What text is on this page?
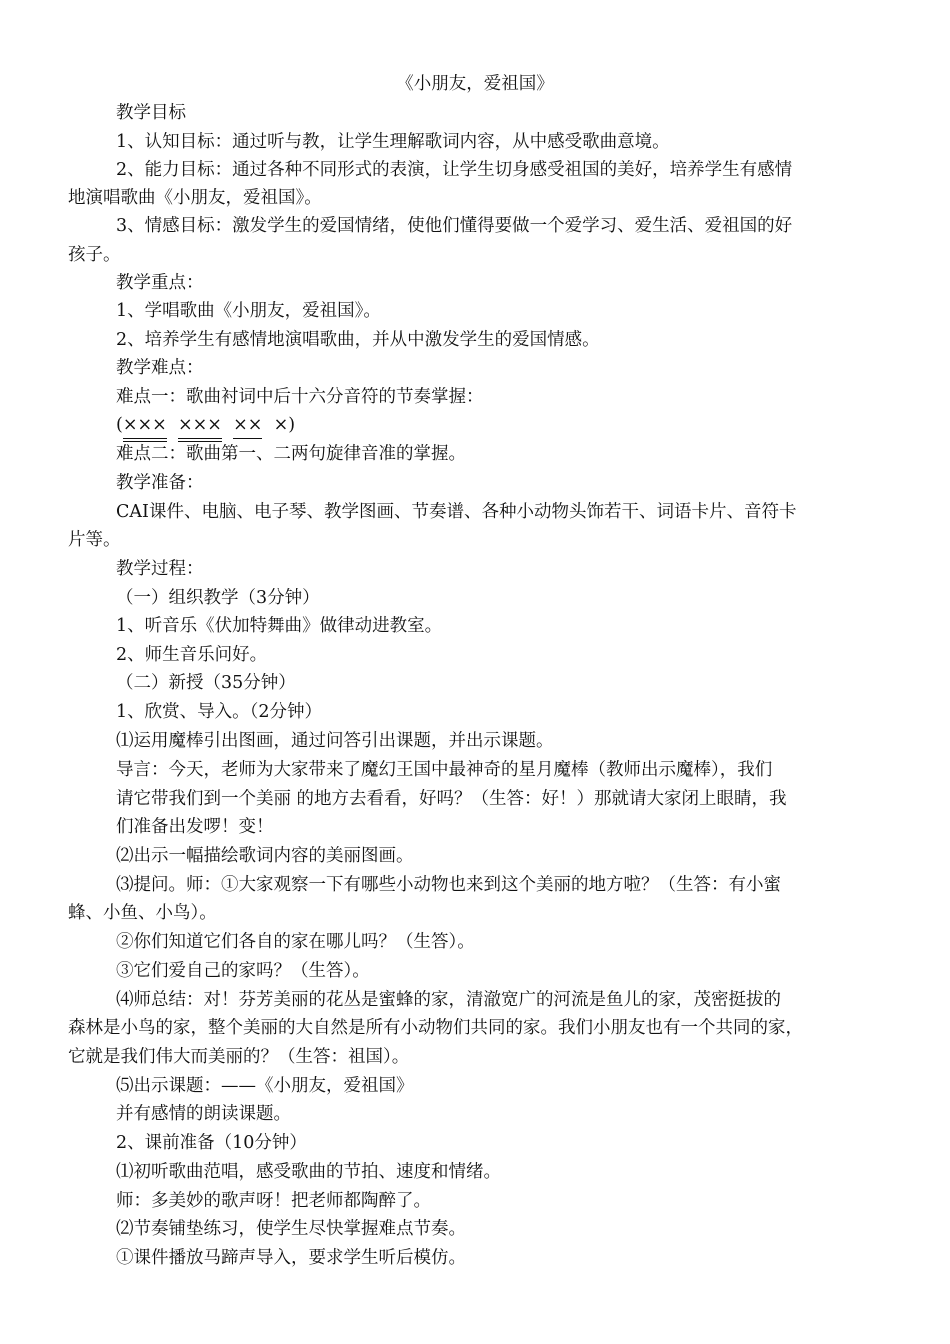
《小朋友，爱祖国》
教学目标
1、认知目标：通过听与教，让学生理解歌词内容，从中感受歌曲意境。
2、能力目标：通过各种不同形式的表演，让学生切身感受祖国的美好，培养学生有感情
地演唱歌曲《小朋友，爱祖国》。
3、情感目标：激发学生的爱国情绪，使他们懂得要做一个爱学习、爱生活、爱祖国的好
孩子。
教学重点：
1、学唱歌曲《小朋友，爱祖国》。
2、培养学生有感情地演唱歌曲，并从中激发学生的爱国情感。
教学难点：
难点一：歌曲衬词中后十六分音符的节奏掌握：
(××× ××× ×× ×)
难点二：歌曲第一、二两句旋律音准的掌握。
教学准备：
CAI课件、电脑、电子琴、教学图画、节奏谱、各种小动物头饰若干、词语卡片、音符卡
片等。
教学过程：
（一）组织教学（3分钟）
1、听音乐《伏加特舞曲》做律动进教室。
2、师生音乐问好。
（二）新授（35分钟）
1、欣赏、导入。（2分钟）
⑴运用魔棒引出图画，通过问答引出课题，并出示课题。
导言：今天，老师为大家带来了魔幻王国中最神奇的星月魔棒（教师出示魔棒），我们
请它带我们到一个美丽 的地方去看看，好吗？（生答：好！）那就请大家闭上眼睛，我
们准备出发啰！变！
⑵出示一幅描绘歌词内容的美丽图画。
⑶提问。师：①大家观察一下有哪些小动物也来到这个美丽的地方啦？（生答：有小蜜
蜂、小鱼、小鸟）。
②你们知道它们各自的家在哪儿吗？（生答）。
③它们爱自己的家吗？（生答）。
⑷师总结：对！芬芳美丽的花丛是蜜蜂的家，清澈宽广的河流是鱼儿的家，茂密挺拔的
森林是小鸟的家，整个美丽的大自然是所有小动物们共同的家。我们小朋友也有一个共同的家，
它就是我们伟大而美丽的？（生答：祖国）。
⑸出示课题：——《小朋友，爱祖国》
并有感情的朗读课题。
2、课前准备（10分钟）
⑴初听歌曲范唱，感受歌曲的节拍、速度和情绪。
师：多美妙的歌声呀！把老师都陶醉了。
⑵节奏铺垫练习，使学生尽快掌握难点节奏。
①课件播放马蹄声导入，要求学生听后模仿。
